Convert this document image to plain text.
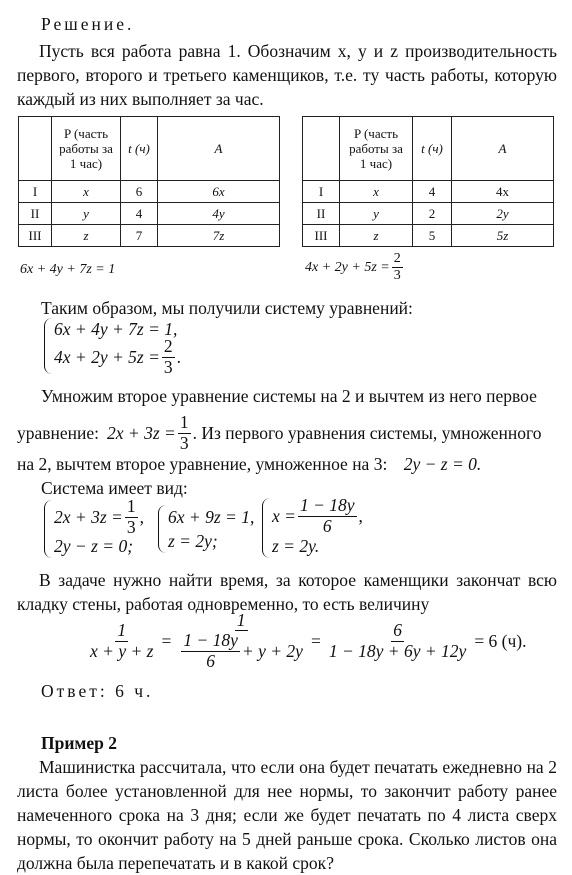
Решение.
Пусть вся работа равна 1. Обозначим x, y и z производительность первого, второго и третьего каменщиков, т.е. ту часть работы, которую каждый из них выполняет за час.

	P (часть
работы за
1 час)	t (ч)	A
I	x	6	6x
II	y	4	4y
III	z	7	7z

	P (часть
работы за
1 час)	t (ч)	A
I	x	4	4x
II	y	2	2y
III	z	5	5z
6x + 4y + 7z = 1	$4x + 2y + 5z = \frac{2}{3}$
Таким образом, мы получили систему уравнений:
6x + 4y + 7z = 1,
$4x + 2y + 5z = \frac{2}{3}$ .
Умножим второе уравнение системы на 2 и вычтем из него первое
уравнение: $2x + 3z = \frac{1}{3}$ . Из первого уравнения системы, умноженного
на 2, вычтем второе уравнение, умноженное на 3: 2y − z = 0.
Система имеет вид:
$2x + 3z = \frac{1}{3}$ ,
2y − z = 0;
6x + 9z = 1,
z = 2y;
$x = \frac{1 - 18y}{6}$ ,
z = 2y.
В задаче нужно найти время, за которое каменщики закончат всю кладку стены, работая одновременно, то есть величину
$\frac{1}{x + y + z} = \frac{1}{\frac{1 - 18y}{6} + y + 2y} = \frac{6}{1 - 18y + 6y + 12y} = 6$ (ч).
Ответ: 6 ч.
Пример 2
Машинистка рассчитала, что если она будет печатать ежедневно на 2 листа более установленной для нее нормы, то закончит работу ранее намеченного срока на 3 дня; если же будет печатать по 4 листа сверх нормы, то окончит работу на 5 дней раньше срока. Сколько листов она должна была перепечатать и в какой срок?
